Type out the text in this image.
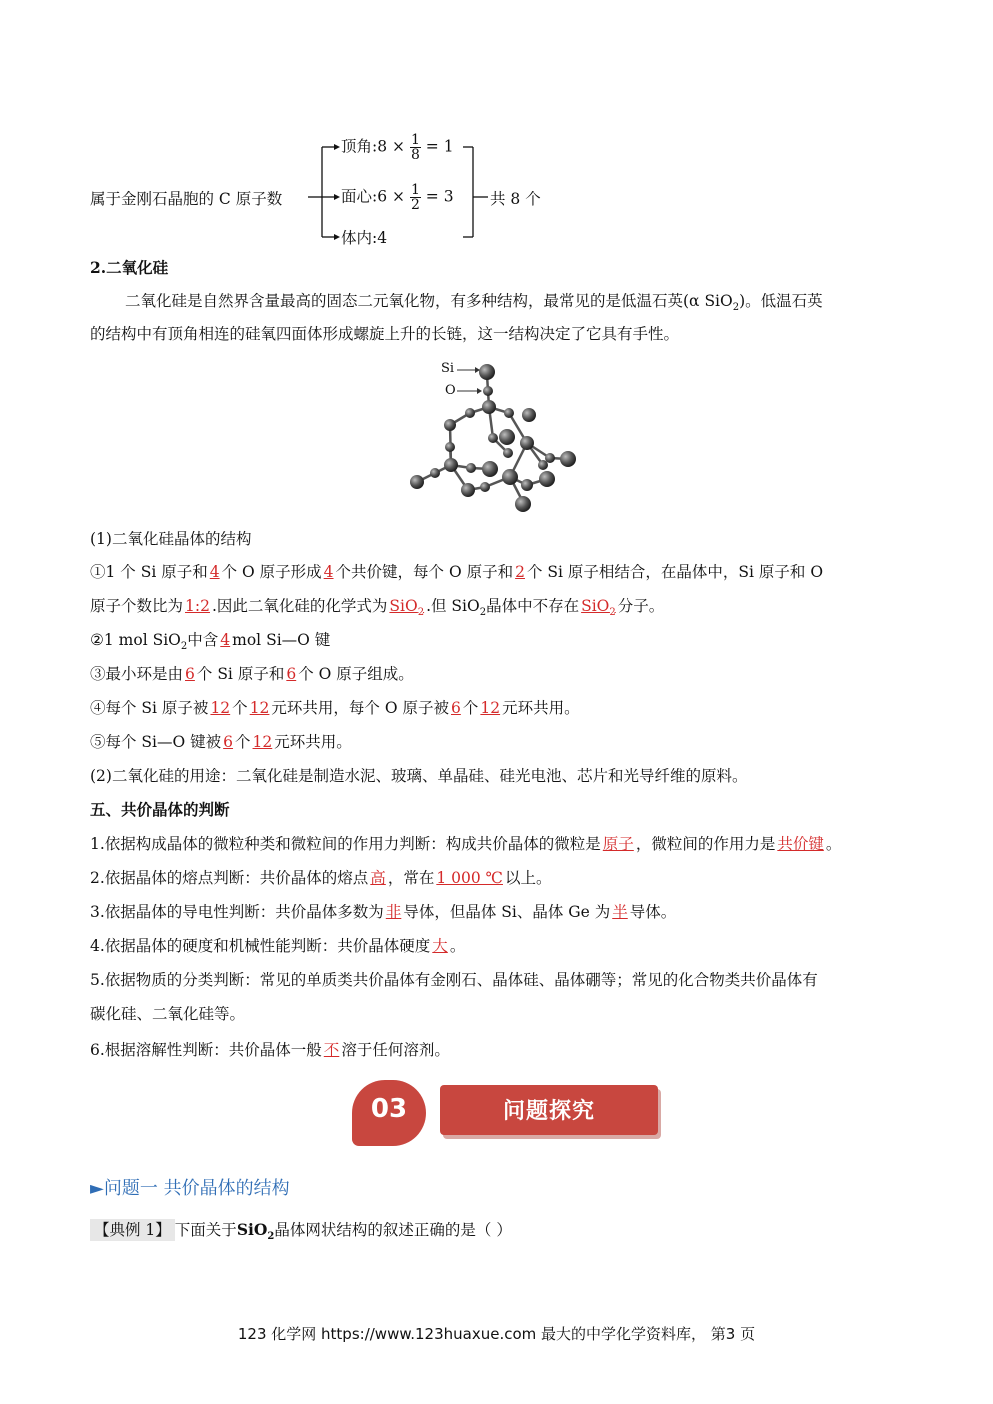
属于金刚石晶胞的 C 原子数
顶角:8 × $\frac{1}{8} = 1$
面心:6 × $\frac{1}{2} = 3$
体内:4
共 8 个
2.二氧化硅
二氧化硅是自然界含量最高的固态二元氧化物，有多种结构，最常见的是低温石英(α SiO$_2$)。低温石英
的结构中有顶角相连的硅氧四面体形成螺旋上升的长链，这一结构决定了它具有手性。
Si
O
(1)二氧化硅晶体的结构
①1 个 Si 原子和 4 个 O 原子形成 4 个共价键，每个 O 原子和 2 个 Si 原子相结合，在晶体中，Si 原子和 O
原子个数比为 1:2 .因此二氧化硅的化学式为 SiO$_2$ .但 SiO$_2$晶体中不存在 SiO$_2$ 分子。
②1 mol SiO$_2$中含 4 mol Si—O 键
③最小环是由 6 个 Si 原子和 6 个 O 原子组成。
④每个 Si 原子被 12 个 12 元环共用，每个 O 原子被 6 个 12 元环共用。
⑤每个 Si—O 键被 6 个 12 元环共用。
(2)二氧化硅的用途：二氧化硅是制造水泥、玻璃、单晶硅、硅光电池、芯片和光导纤维的原料。
五、共价晶体的判断
1.依据构成晶体的微粒种类和微粒间的作用力判断：构成共价晶体的微粒是 原子 ，微粒间的作用力是 共价键 。
2.依据晶体的熔点判断：共价晶体的熔点 高 ，常在 1 000 ℃ 以上。
3.依据晶体的导电性判断：共价晶体多数为 非 导体，但晶体 Si、晶体 Ge 为 半 导体。
4.依据晶体的硬度和机械性能判断：共价晶体硬度 大 。
5.依据物质的分类判断：常见的单质类共价晶体有金刚石、晶体硅、晶体硼等；常见的化合物类共价晶体有
碳化硅、二氧化硅等。
6.根据溶解性判断：共价晶体一般 不 溶于任何溶剂。
03	问题探究
►问题一 共价晶体的结构
【典例 1】 下面关于SiO$_2$晶体网状结构的叙述正确的是（ ）
123 化学网 https://www.123huaxue.com 最大的中学化学资料库， 第3 页
